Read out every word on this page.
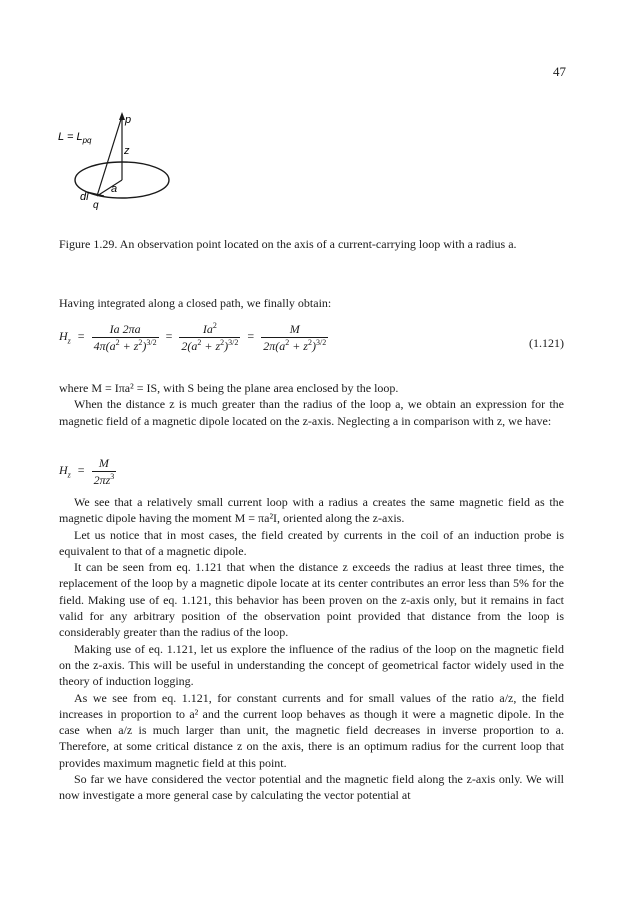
47
p
z
$L = L_{pq}$
a
dl
q
Figure 1.29. An observation point located on the axis of a current-carrying loop with a radius a.
Having integrated along a closed path, we finally obtain:
$H_z = \frac{Ia 2\pi a}{4\pi(a^2 + z^2)^{3/2}} = \frac{Ia^2}{2(a^2 + z^2)^{3/2}} = \frac{M}{2\pi(a^2 + z^2)^{3/2}}$	(1.121)

where M = Iπa² = IS, with S being the plane area enclosed by the loop.

When the distance z is much greater than the radius of the loop a, we obtain an expression for the magnetic field of a magnetic dipole located on the z-axis. Neglecting a in comparison with z, we have:

$H_z = \frac{M}{2\pi z^3}$

We see that a relatively small current loop with a radius a creates the same magnetic field as the magnetic dipole having the moment M = πa²I, oriented along the z-axis.

Let us notice that in most cases, the field created by currents in the coil of an induction probe is equivalent to that of a magnetic dipole.

It can be seen from eq. 1.121 that when the distance z exceeds the radius at least three times, the replacement of the loop by a magnetic dipole locate at its center contributes an error less than 5% for the field. Making use of eq. 1.121, this behavior has been proven on the z-axis only, but it remains in fact valid for any arbitrary position of the observation point provided that distance from the loop is considerably greater than the radius of the loop.

Making use of eq. 1.121, let us explore the influence of the radius of the loop on the magnetic field on the z-axis. This will be useful in understanding the concept of geometrical factor widely used in the theory of induction logging.

As we see from eq. 1.121, for constant currents and for small values of the ratio a/z, the field increases in proportion to a² and the current loop behaves as though it were a magnetic dipole. In the case when a/z is much larger than unit, the magnetic field decreases in inverse proportion to a. Therefore, at some critical distance z on the axis, there is an optimum radius for the current loop that provides maximum magnetic field at this point.

So far we have considered the vector potential and the magnetic field along the z-axis only. We will now investigate a more general case by calculating the vector potential at
